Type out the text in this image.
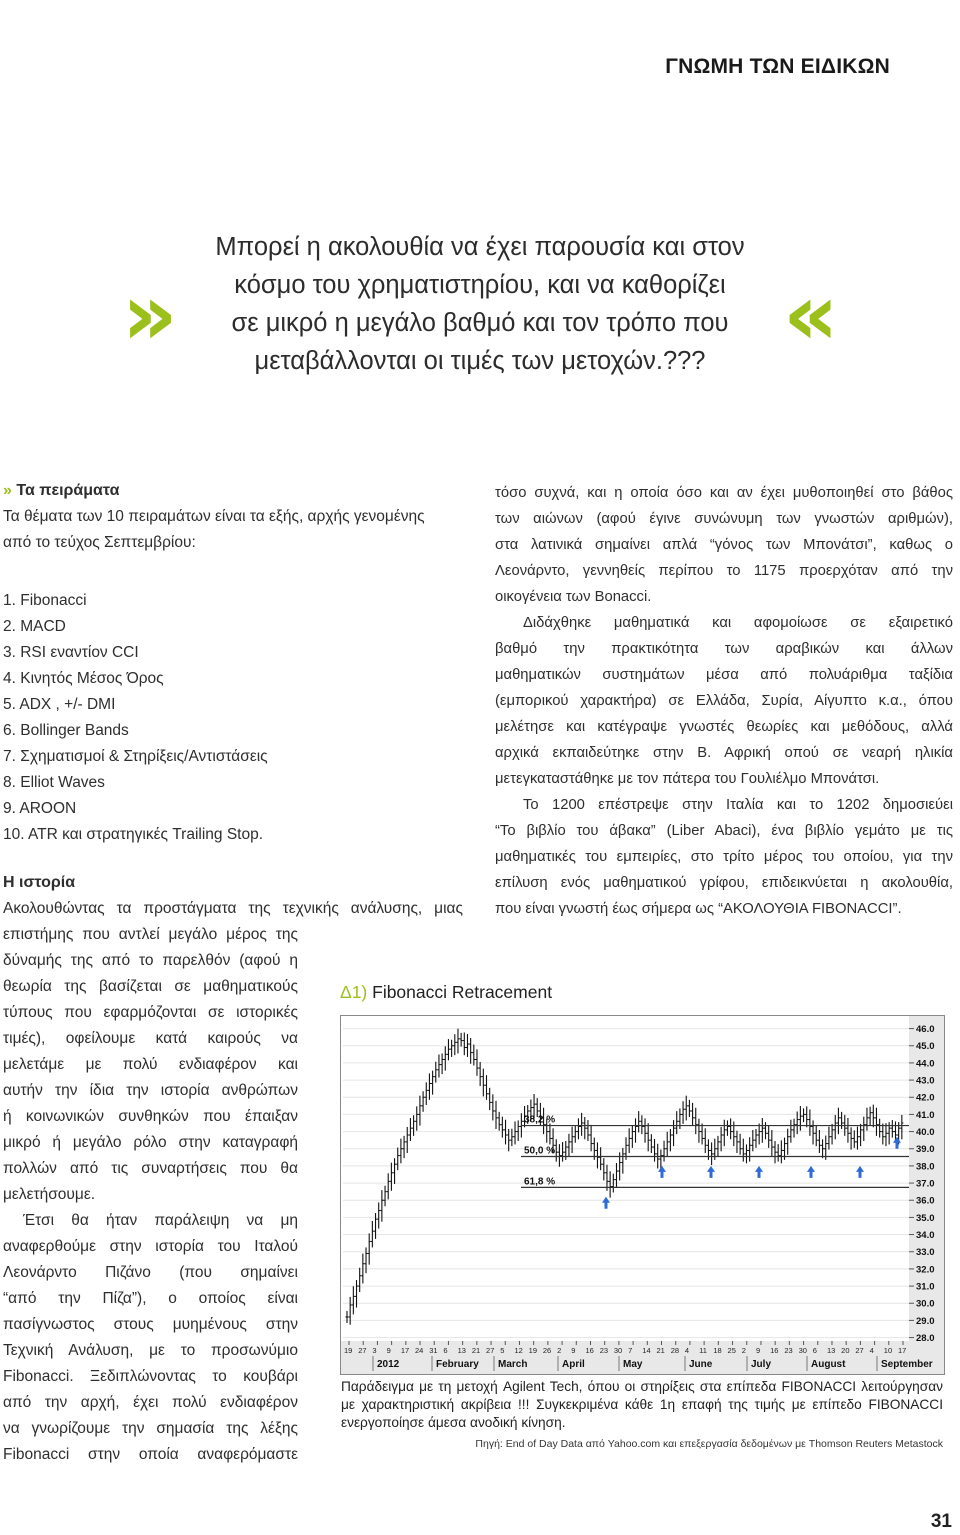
ΓΝΩΜΗ ΤΩΝ ΕΙΔΙΚΩΝ
»	«
Μπορεί η ακολουθία να έχει παρουσία και στον
κόσμο του χρηματιστηρίου, και να καθορίζει
σε μικρό η μεγάλο βαθμό και τον τρόπο που
μεταβάλλονται οι τιμές των μετοχών.???
» Τα πειράματα
Τα θέματα των 10 πειραμάτων είναι τα εξής, αρχής γενομένης
από το τεύχος Σεπτεμβρίου:
1. Fibonacci
2. MACD
3. RSI εναντίον CCI
4. Κινητός Μέσος Όρος
5. ADX , +/- DMI
6. Bollinger Bands
7. Σχηματισμοί & Στηρίξεις/Αντιστάσεις
8. Elliot Waves
9. AROON
10. ATR και στρατηγικές Trailing Stop.
Η ιστορία
Ακολουθώντας τα προστάγματα της τεχνικής ανάλυσης, μιας
επιστήμης που αντλεί μεγάλο μέρος της
δύναμής της από το παρελθόν (αφού η
θεωρία της βασίζεται σε μαθηματικούς
τύπους που εφαρμόζονται σε ιστορικές
τιμές), οφείλουμε κατά καιρούς να
μελετάμε με πολύ ενδιαφέρον και
αυτήν την ίδια την ιστορία ανθρώπων
ή κοινωνικών συνθηκών που έπαιξαν
μικρό ή μεγάλο ρόλο στην καταγραφή
πολλών από τις συναρτήσεις που θα
μελετήσουμε.
Έτσι θα ήταν παράλειψη να μη
αναφερθούμε στην ιστορία του Ιταλού
Λεονάρντο Πιζάνο (που σημαίνει
“από την Πίζα”), ο οποίος είναι
πασίγνωστος στους μυημένους στην
Τεχνική Ανάλυση, με το προσωνύμιο
Fibonacci. Ξεδιπλώνοντας το κουβάρι
από την αρχή, έχει πολύ ενδιαφέρον
να γνωρίζουμε την σημασία της λέξης
Fibonacci στην οποία αναφερόμαστε
τόσο συχνά, και η οποία όσο και αν έχει μυθοποιηθεί στο βάθος
των αιώνων (αφού έγινε συνώνυμη των γνωστών αριθμών),
στα λατινικά σημαίνει απλά “γόνος των Μπονάτσι”, καθως ο
Λεονάρντο, γεννηθείς περίπου το 1175 προερχόταν από την
οικογένεια των Bonacci.
Διδάχθηκε μαθηματικά και αφομοίωσε σε εξαιρετικό
βαθμό την πρακτικότητα των αραβικών και άλλων
μαθηματικών συστημάτων μέσα από πολυάριθμα ταξίδια
(εμπορικού χαρακτήρα) σε Ελλάδα, Συρία, Αίγυπτο κ.α., όπου
μελέτησε και κατέγραψε γνωστές θεωρίες και μεθόδους, αλλά
αρχικά εκπαιδεύτηκε στην Β. Αφρική οπού σε νεαρή ηλικία
μετεγκαταστάθηκε με τον πάτερα του Γουλιέλμο Μπονάτσι.
Το 1200 επέστρεψε στην Ιταλία και το 1202 δημοσιεύει
“Το βιβλίο του άβακα” (Liber Abaci), ένα βιβλίο γεμάτο με τις
μαθηματικές του εμπειρίες, στο τρίτο μέρος του οποίου, για την
επίλυση ενός μαθηματικού γρίφου, επιδεικνύεται η ακολουθία,
που είναι γνωστή έως σήμερα ως “ΑΚΟΛΟΥΘΙΑ FIBONACCI”.
Δ1) Fibonacci Retracement
46.0
45.0
44.0
43.0
42.0
41.0
40.0
39.0
38.0
37.0
36.0
35.0
34.0
33.0
32.0
31.0
30.0
29.0
28.0
19 27 3 9 17 24 31 6 13 21 27 5 12 19 26 2 9 16 23 30 7 14 21 28 4 11 18 25 2 9 16 23 30 6 13 20 27 4 10 17
2012	February March	April	May	June	July	August	September
38,2 %
50,0 %
61,8 %
Παράδειγμα με τη μετοχή Agilent Tech, όπου οι στηρίξεις στα επίπεδα FIBONACCI λειτούργησαν με χαρακτηριστική ακρίβεια !!! Συγκεκριμένα κάθε 1η επαφή της τιμής με επίπεδο FIBONACCI ενεργοποίησε άμεσα ανοδική κίνηση.
Πηγή: End of Day Data από Yahoo.com και επεξεργασία δεδομένων με Thomson Reuters Metastock
31
